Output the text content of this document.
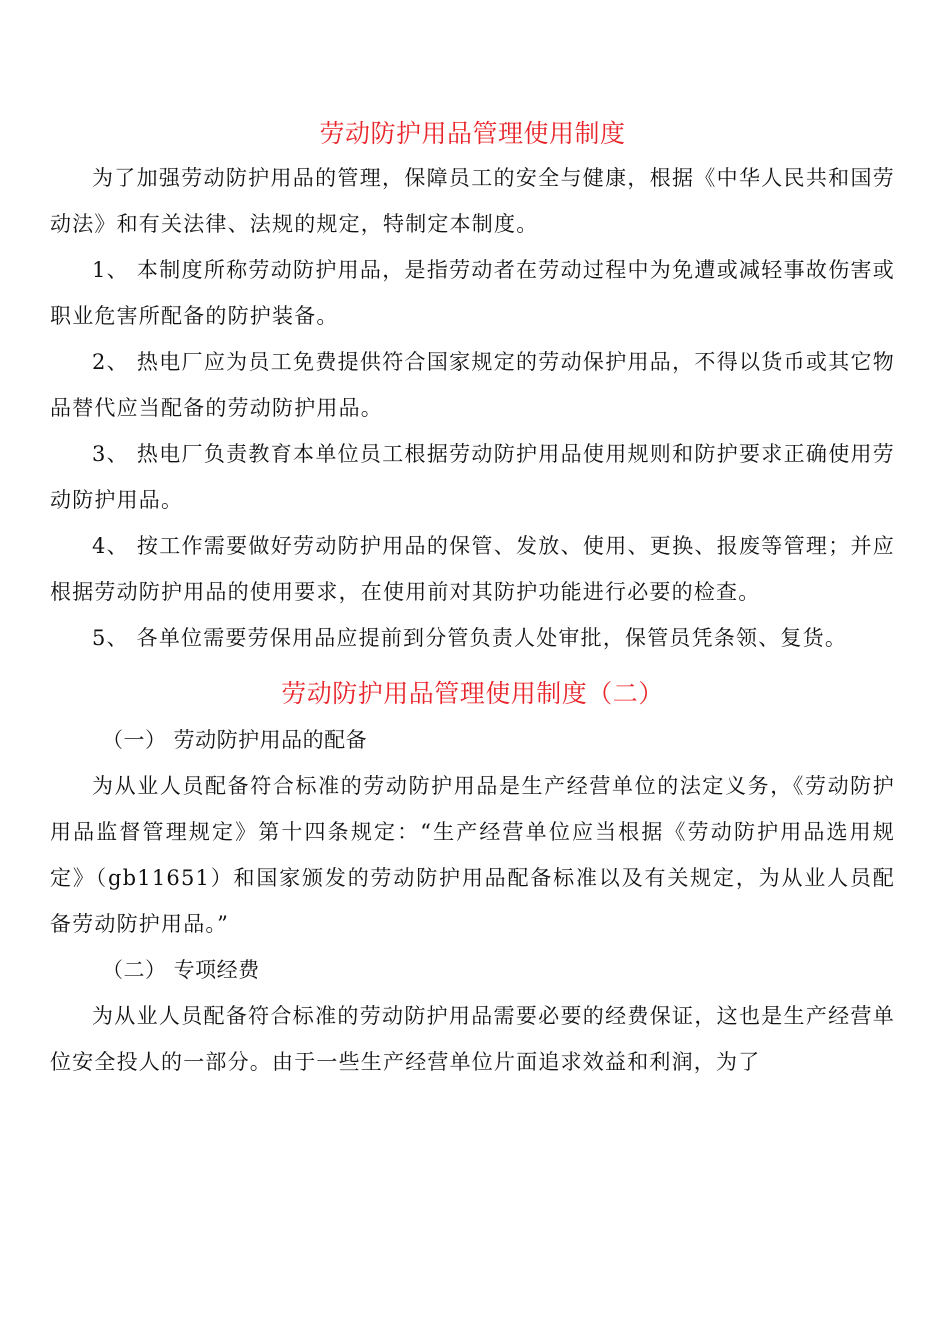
劳动防护用品管理使用制度

为了加强劳动防护用品的管理，保障员工的安全与健康，根据《中华人民共和国劳动法》和有关法律、法规的规定，特制定本制度。

1、 本制度所称劳动防护用品，是指劳动者在劳动过程中为免遭或减轻事故伤害或职业危害所配备的防护装备。

2、 热电厂应为员工免费提供符合国家规定的劳动保护用品，不得以货币或其它物品替代应当配备的劳动防护用品。

3、 热电厂负责教育本单位员工根据劳动防护用品使用规则和防护要求正确使用劳动防护用品。

4、 按工作需要做好劳动防护用品的保管、发放、使用、更换、报废等管理；并应根据劳动防护用品的使用要求，在使用前对其防护功能进行必要的检查。

5、 各单位需要劳保用品应提前到分管负责人处审批，保管员凭条领、复货。

劳动防护用品管理使用制度（二）

（一） 劳动防护用品的配备

为从业人员配备符合标准的劳动防护用品是生产经营单位的法定义务，《劳动防护用品监督管理规定》第十四条规定：“生产经营单位应当根据《劳动防护用品选用规定》（gb11651）和国家颁发的劳动防护用品配备标准以及有关规定，为从业人员配备劳动防护用品。”

（二） 专项经费

为从业人员配备符合标准的劳动防护用品需要必要的经费保证，这也是生产经营单位安全投人的一部分。由于一些生产经营单位片面追求效益和利润，为了
